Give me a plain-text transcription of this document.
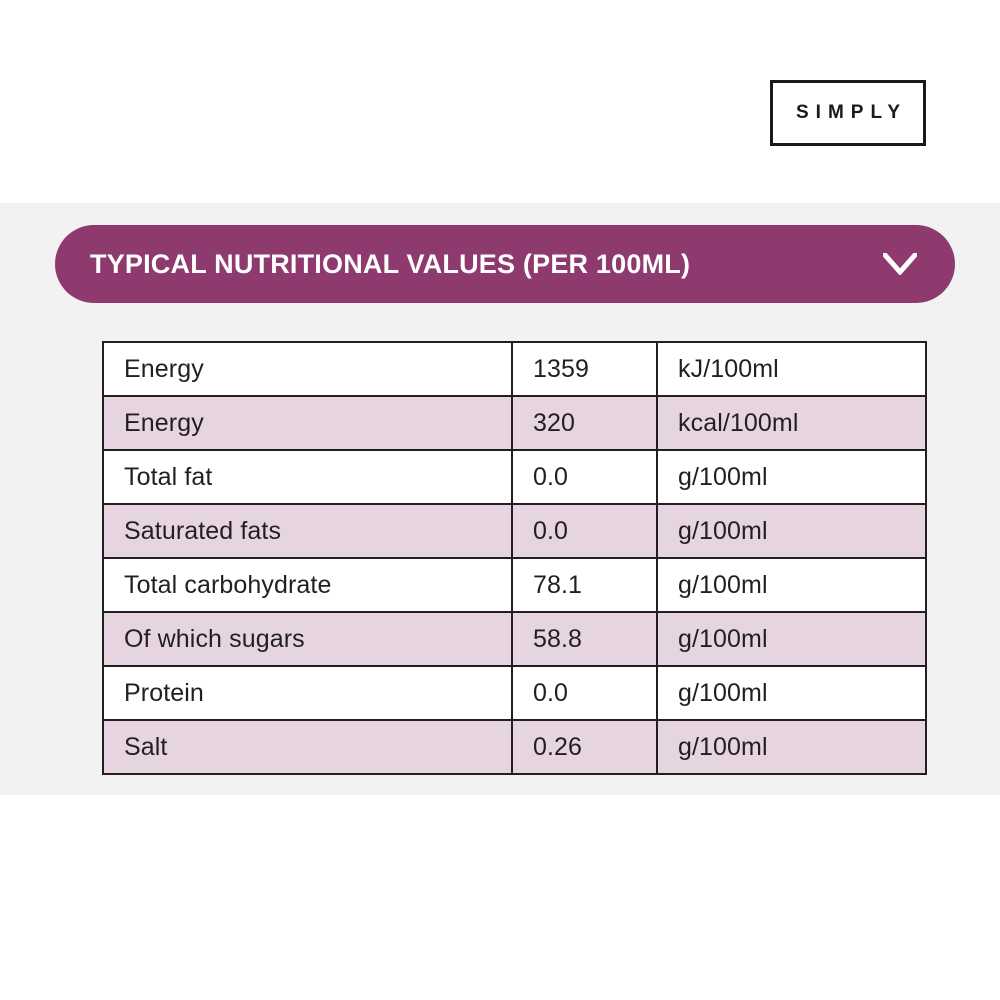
SIMPLY
TYPICAL NUTRITIONAL VALUES (PER 100ML)
Energy	1359	kJ/100ml
Energy	320	kcal/100ml
Total fat	0.0	g/100ml
Saturated fats	0.0	g/100ml
Total carbohydrate	78.1	g/100ml
Of which sugars	58.8	g/100ml
Protein	0.0	g/100ml
Salt	0.26	g/100ml
